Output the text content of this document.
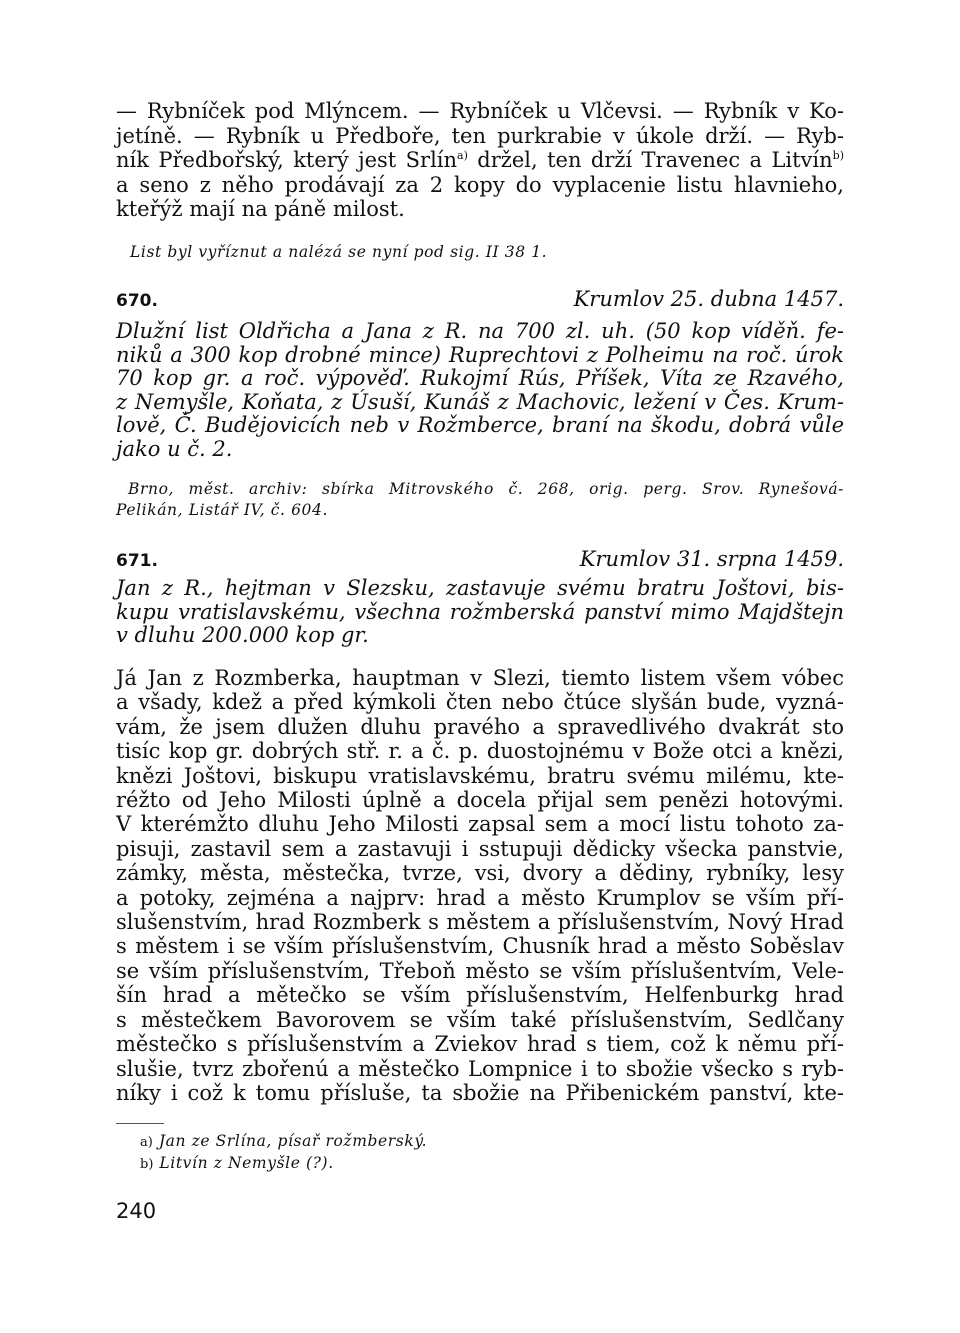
— Rybníček pod Mlýncem. — Rybníček u Vlčevsi. — Rybník v Ko-
jetíně. — Rybník u Předboře, ten purkrabie v úkole drží. — Ryb-
ník Předbořský, který jest Srlín$^{a)}$ držel, ten drží Travenec a Litvín$^{b)}$
a seno z něho prodávají za 2 kopy do vyplacenie listu hlavnieho,
kteřýž mají na páně milost.
List byl vyříznut a nalézá se nyní pod sig. II 38 1.
670.	Krumlov 25. dubna 1457.
Dlužní list Oldřicha a Jana z R. na 700 zl. uh. (50 kop víděň. fe-
niků a 300 kop drobné mince) Ruprechtovi z Polheimu na roč. úrok
70 kop gr. a roč. výpověď. Rukojmí Rús, Příšek, Víta ze Rzavého,
z Nemyšle, Koňata, z Úsuší, Kunáš z Machovic, ležení v Čes. Krum-
lově, Č. Budějovicích neb v Rožmberce, braní na škodu, dobrá vůle
jako u č. 2.
Brno, měst. archiv: sbírka Mitrovského č. 268, orig. perg. Srov. Rynešová-
Pelikán, Listář IV, č. 604.
671.	Krumlov 31. srpna 1459.
Jan z R., hejtman v Slezsku, zastavuje svému bratru Joštovi, bis-
kupu vratislavskému, všechna rožmberská panství mimo Majdštejn
v dluhu 200.000 kop gr.
Já Jan z Rozmberka, hauptman v Slezi, tiemto listem všem vóbec
a všady, kdež a před kýmkoli čten nebo čtúce slyšán bude, vyzná-
vám, že jsem dlužen dluhu pravého a spravedlivého dvakrát sto
tisíc kop gr. dobrých stř. r. a č. p. duostojnému v Bože otci a knězi,
knězi Joštovi, biskupu vratislavskému, bratru svému milému, kte-
réžto od Jeho Milosti úplně a docela přijal sem penězi hotovými.
V kterémžto dluhu Jeho Milosti zapsal sem a mocí listu tohoto za-
pisuji, zastavil sem a zastavuji i sstupuji dědicky všecka panstvie,
zámky, města, městečka, tvrze, vsi, dvory a dědiny, rybníky, lesy
a potoky, zejména a najprv: hrad a město Krumplov se vším pří-
slušenstvím, hrad Rozmberk s městem a příslušenstvím, Nový Hrad
s městem i se vším příslušenstvím, Chusník hrad a město Soběslav
se vším příslušenstvím, Třeboň město se vším příslušentvím, Vele-
šín hrad a mětečko se vším příslušenstvím, Helfenburkg hrad
s městečkem Bavorovem se vším také příslušenstvím, Sedlčany
městečko s příslušenstvím a Zviekov hrad s tiem, což k němu pří-
slušie, tvrz zbořenú a městečko Lompnice i to sbožie všecko s ryb-
níky i což k tomu přísluše, ta sbožie na Přibenickém panství, kte-
a) Jan ze Srlína, písař rožmberský.
b) Litvín z Nemyšle (?).
240
